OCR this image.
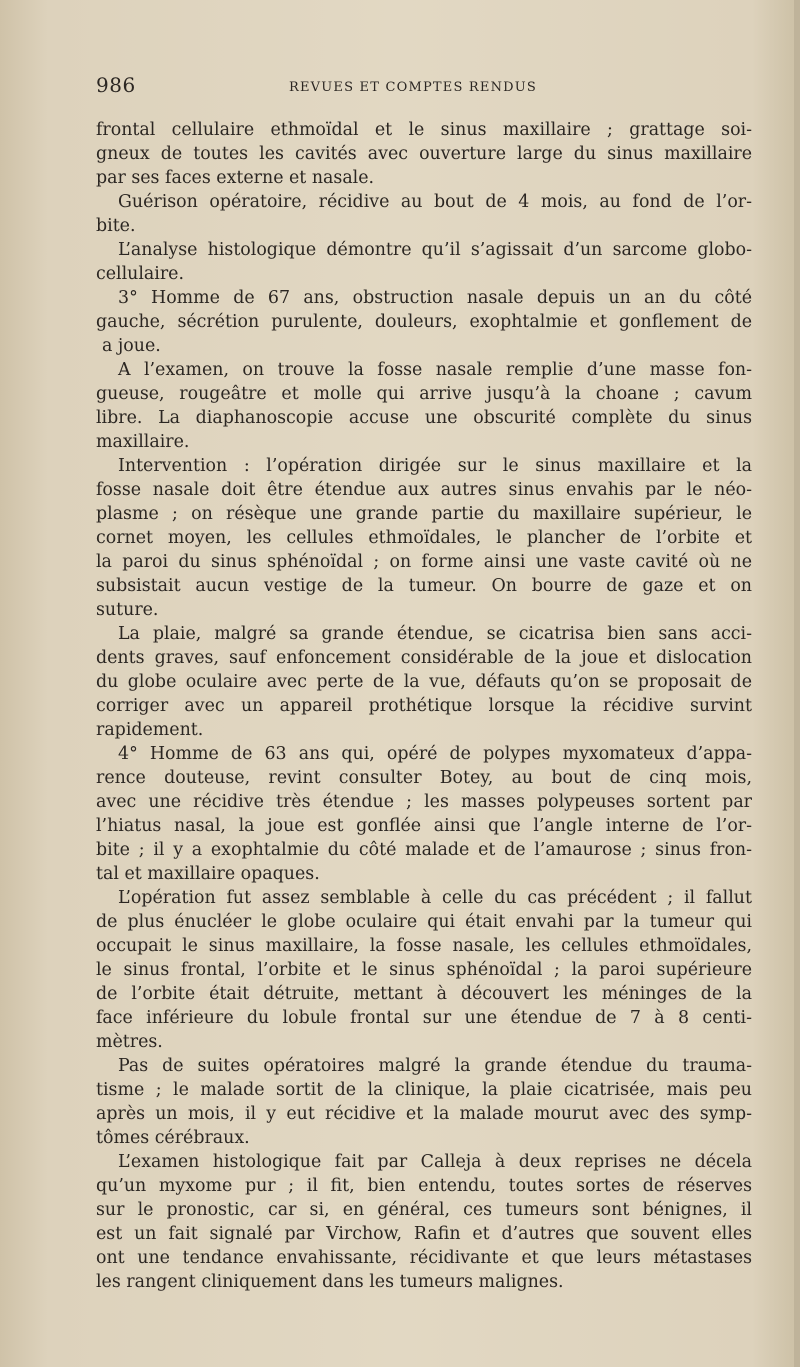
986	REVUES ET COMPTES RENDUS
frontal cellulaire ethmoïdal et le sinus maxillaire ; grattage soi-
gneux de toutes les cavités avec ouverture large du sinus maxillaire
par ses faces externe et nasale.
Guérison opératoire, récidive au bout de 4 mois, au fond de l’or-
bite.
L’analyse histologique démontre qu’il s’agissait d’un sarcome globo-
cellulaire.
3° Homme de 67 ans, obstruction nasale depuis un an du côté
gauche, sécrétion purulente, douleurs, exophtalmie et gonflement de
a joue.
A l’examen, on trouve la fosse nasale remplie d’une masse fon-
gueuse, rougeâtre et molle qui arrive jusqu’à la choane ; cavum
libre. La diaphanoscopie accuse une obscurité complète du sinus
maxillaire.
Intervention : l’opération dirigée sur le sinus maxillaire et la
fosse nasale doit être étendue aux autres sinus envahis par le néo-
plasme ; on résèque une grande partie du maxillaire supérieur, le
cornet moyen, les cellules ethmoïdales, le plancher de l’orbite et
la paroi du sinus sphénoïdal ; on forme ainsi une vaste cavité où ne
subsistait aucun vestige de la tumeur. On bourre de gaze et on
suture.
La plaie, malgré sa grande étendue, se cicatrisa bien sans acci-
dents graves, sauf enfoncement considérable de la joue et dislocation
du globe oculaire avec perte de la vue, défauts qu’on se proposait de
corriger avec un appareil prothétique lorsque la récidive survint
rapidement.
4° Homme de 63 ans qui, opéré de polypes myxomateux d’appa-
rence douteuse, revint consulter Botey, au bout de cinq mois,
avec une récidive très étendue ; les masses polypeuses sortent par
l’hiatus nasal, la joue est gonflée ainsi que l’angle interne de l’or-
bite ; il y a exophtalmie du côté malade et de l’amaurose ; sinus fron-
tal et maxillaire opaques.
L’opération fut assez semblable à celle du cas précédent ; il fallut
de plus énucléer le globe oculaire qui était envahi par la tumeur qui
occupait le sinus maxillaire, la fosse nasale, les cellules ethmoïdales,
le sinus frontal, l’orbite et le sinus sphénoïdal ; la paroi supérieure
de l’orbite était détruite, mettant à découvert les méninges de la
face inférieure du lobule frontal sur une étendue de 7 à 8 centi-
mètres.
Pas de suites opératoires malgré la grande étendue du trauma-
tisme ; le malade sortit de la clinique, la plaie cicatrisée, mais peu
après un mois, il y eut récidive et la malade mourut avec des symp-
tômes cérébraux.
L’examen histologique fait par Calleja à deux reprises ne décela
qu’un myxome pur ; il fit, bien entendu, toutes sortes de réserves
sur le pronostic, car si, en général, ces tumeurs sont bénignes, il
est un fait signalé par Virchow, Rafin et d’autres que souvent elles
ont une tendance envahissante, récidivante et que leurs métastases
les rangent cliniquement dans les tumeurs malignes.
